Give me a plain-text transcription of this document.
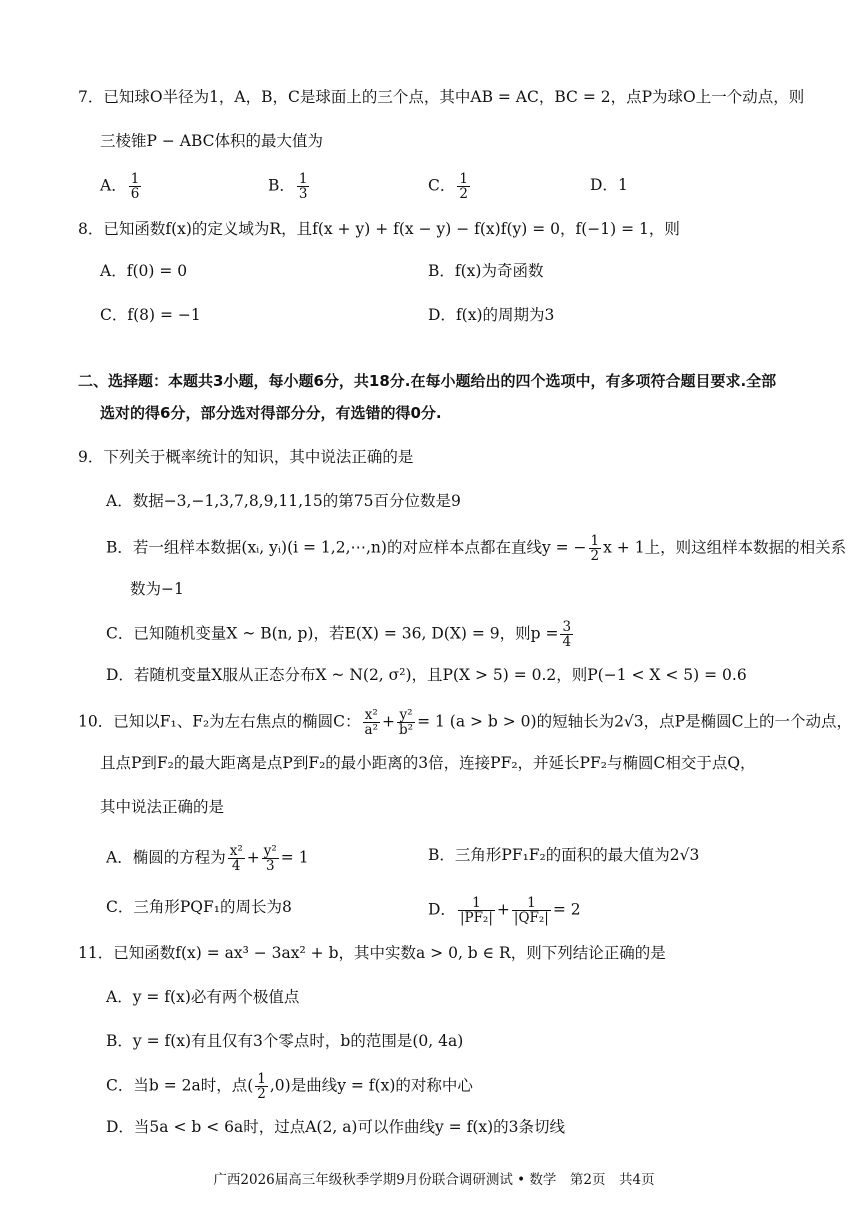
7．已知球O半径为1，A，B，C是球面上的三个点，其中AB = AC，BC = 2，点P为球O上一个动点，则
三棱锥P − ABC体积的最大值为
A． $\frac{1}{6}$	B． $\frac{1}{3}$	C． $\frac{1}{2}$	D．1
8．已知函数f(x)的定义域为R，且f(x + y) + f(x − y) − f(x)f(y) = 0，f(−1) = 1，则
A．f(0) = 0	B．f(x)为奇函数
C．f(8) = −1	D．f(x)的周期为3
二、选择题：本题共3小题，每小题6分，共18分.在每小题给出的四个选项中，有多项符合题目要求.全部
选对的得6分，部分选对得部分分，有选错的得0分.
9．下列关于概率统计的知识，其中说法正确的是
A．数据−3,−1,3,7,8,9,11,15的第75百分位数是9
B．若一组样本数据(xᵢ, yᵢ)(i = 1,2,⋯,n)的对应样本点都在直线y = − $\frac{1}{2}$ x + 1上，则这组样本数据的相关系
数为−1
C．已知随机变量X ~ B(n, p)，若E(X) = 36, D(X) = 9，则$p = \frac{3}{4}$
D．若随机变量X服从正态分布X ~ N(2, σ²)，且P(X > 5) = 0.2，则P(−1 < X < 5) = 0.6
10．已知以F₁、F₂为左右焦点的椭圆C： $\frac{\text{x²}}{\text{a²}} + \frac{\text{y²}}{\text{b²}} = 1$ (a > b > 0)的短轴长为2√3，点P是椭圆C上的一个动点，
且点P到F₂的最大距离是点P到F₂的最小距离的3倍，连接PF₂，并延长PF₂与椭圆C相交于点Q，
其中说法正确的是
A．椭圆的方程为 $\frac{\text{x²}}{4} + \frac{\text{y²}}{3} = 1$	B．三角形PF₁F₂的面积的最大值为2√3
C．三角形PQF₁的周长为8	D． $\frac{1}{\text{|PF₂|}} + \frac{1}{\text{|QF₂|}} = 2$
11．已知函数f(x) = ax³ − 3ax² + b，其中实数a > 0, b ∈ R，则下列结论正确的是
A．y = f(x)必有两个极值点
B．y = f(x)有且仅有3个零点时，b的范围是(0, 4a)
C．当b = 2a时，点( $\frac{1}{2} ,0$)是曲线y = f(x)的对称中心
D．当5a < b < 6a时，过点A(2, a)可以作曲线y = f(x)的3条切线
广西2026届高三年级秋季学期9月份联合调研测试 • 数学　第2页　共4页
